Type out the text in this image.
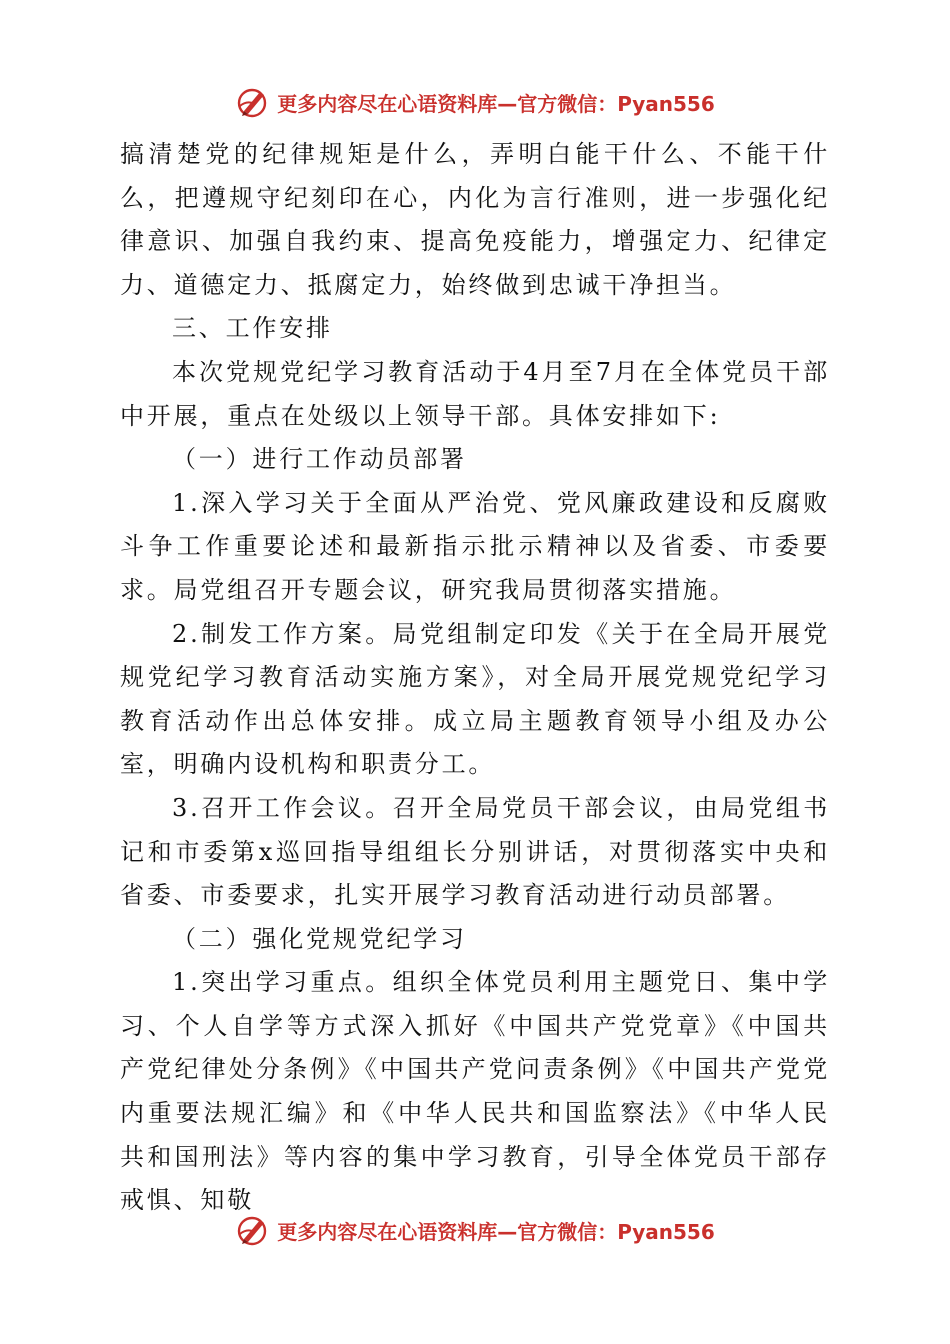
更多内容尽在心语资料库—官方微信：Pyan556

搞清楚党的纪律规矩是什么，弄明白能干什么、不能干什么，把遵规守纪刻印在心，内化为言行准则，进一步强化纪律意识、加强自我约束、提高免疫能力，增强定力、纪律定力、道德定力、抵腐定力，始终做到忠诚干净担当。

三、工作安排

本次党规党纪学习教育活动于4月至7月在全体党员干部中开展，重点在处级以上领导干部。具体安排如下:

（一）进行工作动员部署

1.深入学习关于全面从严治党、党风廉政建设和反腐败斗争工作重要论述和最新指示批示精神以及省委、市委要求。局党组召开专题会议，研究我局贯彻落实措施。

2.制发工作方案。局党组制定印发《关于在全局开展党规党纪学习教育活动实施方案》，对全局开展党规党纪学习教育活动作出总体安排。成立局主题教育领导小组及办公室，明确内设机构和职责分工。

3.召开工作会议。召开全局党员干部会议，由局党组书记和市委第x巡回指导组组长分别讲话，对贯彻落实中央和省委、市委要求，扎实开展学习教育活动进行动员部署。

（二）强化党规党纪学习

1.突出学习重点。组织全体党员利用主题党日、集中学习、个人自学等方式深入抓好《中国共产党党章》《中国共产党纪律处分条例》《中国共产党问责条例》《中国共产党党内重要法规汇编》和《中华人民共和国监察法》《中华人民共和国刑法》等内容的集中学习教育，引导全体党员干部存戒惧、知敬

更多内容尽在心语资料库—官方微信：Pyan556
